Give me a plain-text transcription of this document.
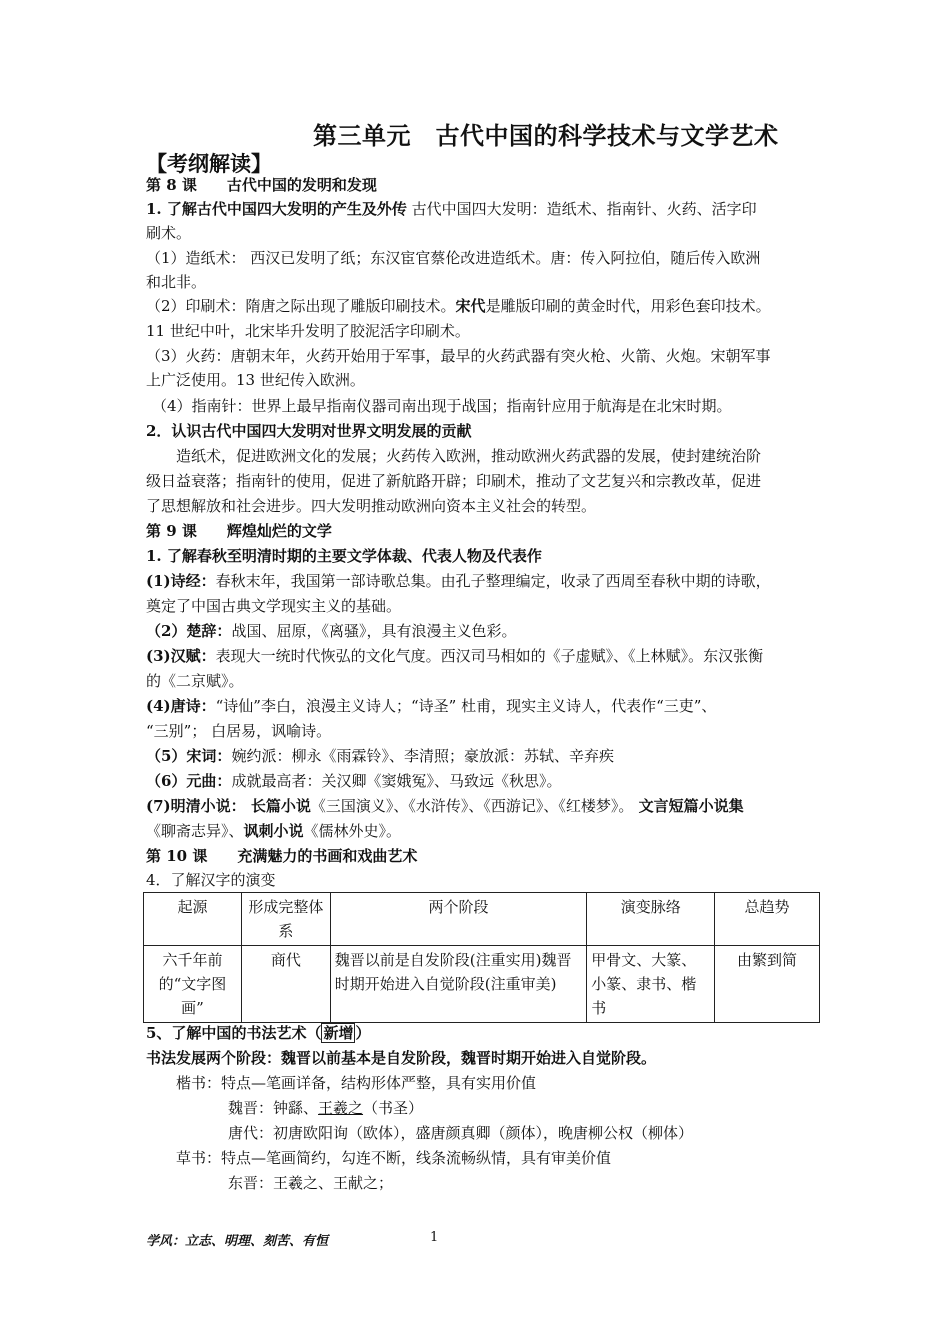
第三单元　古代中国的科学技术与文学艺术
【考纲解读】
第 8 课　　古代中国的发明和发现
1. 了解古代中国四大发明的产生及外传 古代中国四大发明：造纸术、指南针、火药、活字印
刷术。
（1）造纸术： 西汉已发明了纸；东汉宦官蔡伦改进造纸术。唐：传入阿拉伯，随后传入欧洲
和北非。
（2）印刷术：隋唐之际出现了雕版印刷技术。宋代是雕版印刷的黄金时代，用彩色套印技术。
11 世纪中叶，北宋毕升发明了胶泥活字印刷术。
（3）火药：唐朝末年，火药开始用于军事，最早的火药武器有突火枪、火箭、火炮。宋朝军事
上广泛使用。13 世纪传入欧洲。
（4）指南针：世界上最早指南仪器司南出现于战国；指南针应用于航海是在北宋时期。
2．认识古代中国四大发明对世界文明发展的贡献
　　造纸术，促进欧洲文化的发展；火药传入欧洲，推动欧洲火药武器的发展，使封建统治阶
级日益衰落；指南针的使用，促进了新航路开辟；印刷术，推动了文艺复兴和宗教改革，促进
了思想解放和社会进步。四大发明推动欧洲向资本主义社会的转型。
第 9 课　　辉煌灿烂的文学
1. 了解春秋至明清时期的主要文学体裁、代表人物及代表作
(1)诗经：春秋末年，我国第一部诗歌总集。由孔子整理编定，收录了西周至春秋中期的诗歌，
奠定了中国古典文学现实主义的基础。
（2）楚辞：战国、屈原，《离骚》，具有浪漫主义色彩。
(3)汉赋：表现大一统时代恢弘的文化气度。西汉司马相如的《子虚赋》、《上林赋》。东汉张衡
的《二京赋》。
(4)唐诗：“诗仙”李白，浪漫主义诗人；“诗圣” 杜甫，现实主义诗人，代表作“三吏”、
“三别”； 白居易，讽喻诗。
（5）宋词：婉约派：柳永《雨霖铃》、李清照；豪放派：苏轼、辛弃疾
（6）元曲：成就最高者：关汉卿《窦娥冤》、马致远《秋思》。
(7)明清小说： 长篇小说《三国演义》、《水浒传》、《西游记》、《红楼梦》。 文言短篇小说集
《聊斋志异》、讽刺小说《儒林外史》。
第 10 课　　充满魅力的书画和戏曲艺术
4．了解汉字的演变
起源	形成完整体系	两个阶段	演变脉络	总趋势
六千年前的“文字图画”	商代	魏晋以前是自发阶段(注重实用)魏晋时期开始进入自觉阶段(注重审美)	甲骨文、大篆、小篆、隶书、楷书	由繁到简
5、了解中国的书法艺术（ 新增 ）
书法发展两个阶段：魏晋以前基本是自发阶段，魏晋时期开始进入自觉阶段。
楷书：特点—笔画详备，结构形体严整，具有实用价值
魏晋：钟繇、王羲之（书圣）
唐代：初唐欧阳询（欧体），盛唐颜真卿（颜体），晚唐柳公权（柳体）
草书：特点—笔画简约，勾连不断，线条流畅纵情，具有审美价值
东晋：王羲之、王献之；
学风：立志、明理、刻苦、有恒	1
